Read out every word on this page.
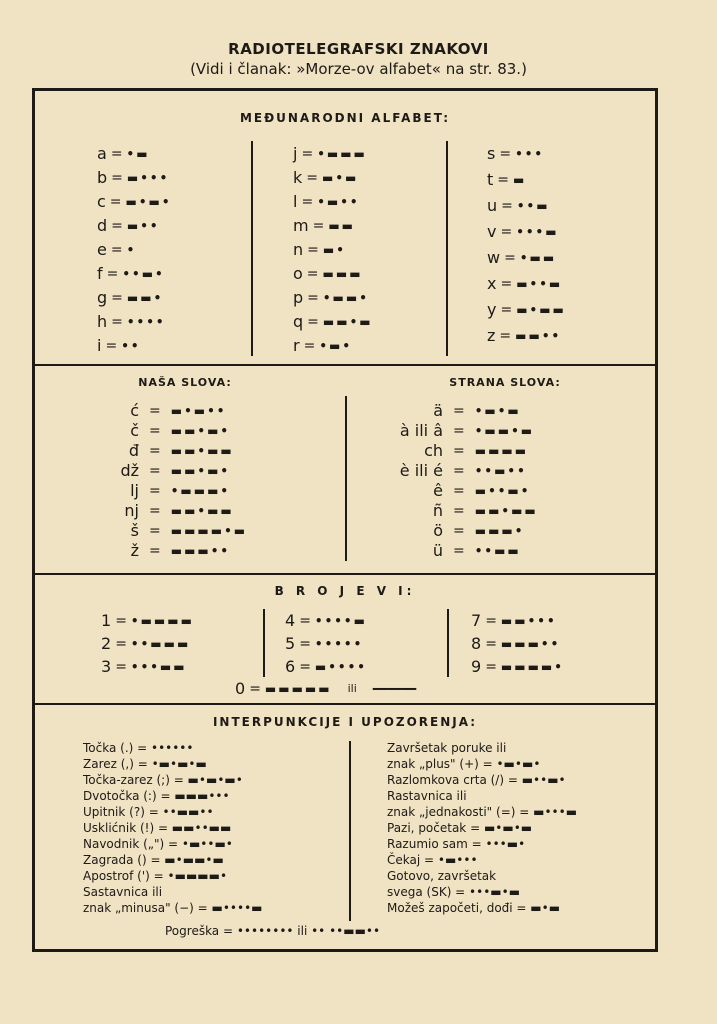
RADIOTELEGRAFSKI ZNAKOVI
(Vidi i članak: »Morze-ov alfabet« na str. 83.)
MEĐUNARODNI ALFABET:
a = •▬
b = ▬•••
c = ▬•▬•
d = ▬••
e = •
f = ••▬•
g = ▬▬•
h = ••••
i = ••
j = •▬▬▬
k = ▬•▬
l = •▬••
m = ▬▬
n = ▬•
o = ▬▬▬
p = •▬▬•
q = ▬▬•▬
r = •▬•
s = •••
t = ▬
u = ••▬
v = •••▬
w = •▬▬
x = ▬••▬
y = ▬•▬▬
z = ▬▬••
NAŠA SLOVA:	STRANA SLOVA:
ć = ▬•▬••
č = ▬▬•▬•
đ = ▬▬•▬▬
dž = ▬▬•▬•
lj = •▬▬▬•
nj = ▬▬•▬▬
š = ▬▬▬▬•▬
ž = ▬▬▬••
ä = •▬•▬
à ili â = •▬▬•▬
ch = ▬▬▬▬
è ili é = ••▬••
ê = ▬••▬•
ñ = ▬▬•▬▬
ö = ▬▬▬•
ü = ••▬▬
B R O J E V I:
1 = •▬▬▬▬
2 = ••▬▬▬
3 = •••▬▬
4 = ••••▬
5 = •••••
6 = ▬••••
7 = ▬▬•••
8 = ▬▬▬••
9 = ▬▬▬▬•
0 = ▬▬▬▬▬ ili ━━━━━━
INTERPUNKCIJE I UPOZORENJA:
Točka (.) = ••••••
Zarez (,) = •▬•▬•▬
Točka-zarez (;) = ▬•▬•▬•
Dvotočka (:) = ▬▬▬•••
Upitnik (?) = ••▬▬••
Usklićnik (!) = ▬▬••▬▬
Navodnik („") = •▬••▬•
Zagrada () = ▬•▬▬•▬
Apostrof (') = •▬▬▬▬•
Sastavnica ili
znak „minusa" (−) = ▬••••▬
Završetak poruke ili
znak „plus" (+) = •▬•▬•
Razlomkova crta (/) = ▬••▬•
Rastavnica ili
znak „jednakosti" (=) = ▬•••▬
Pazi, početak = ▬•▬•▬
Razumio sam = •••▬•
Čekaj = •▬•••
Gotovo, završetak
svega (SK) = •••▬•▬
Možeš započeti, dođi = ▬•▬
Pogreška = •••••••• ili •• ••▬▬••
